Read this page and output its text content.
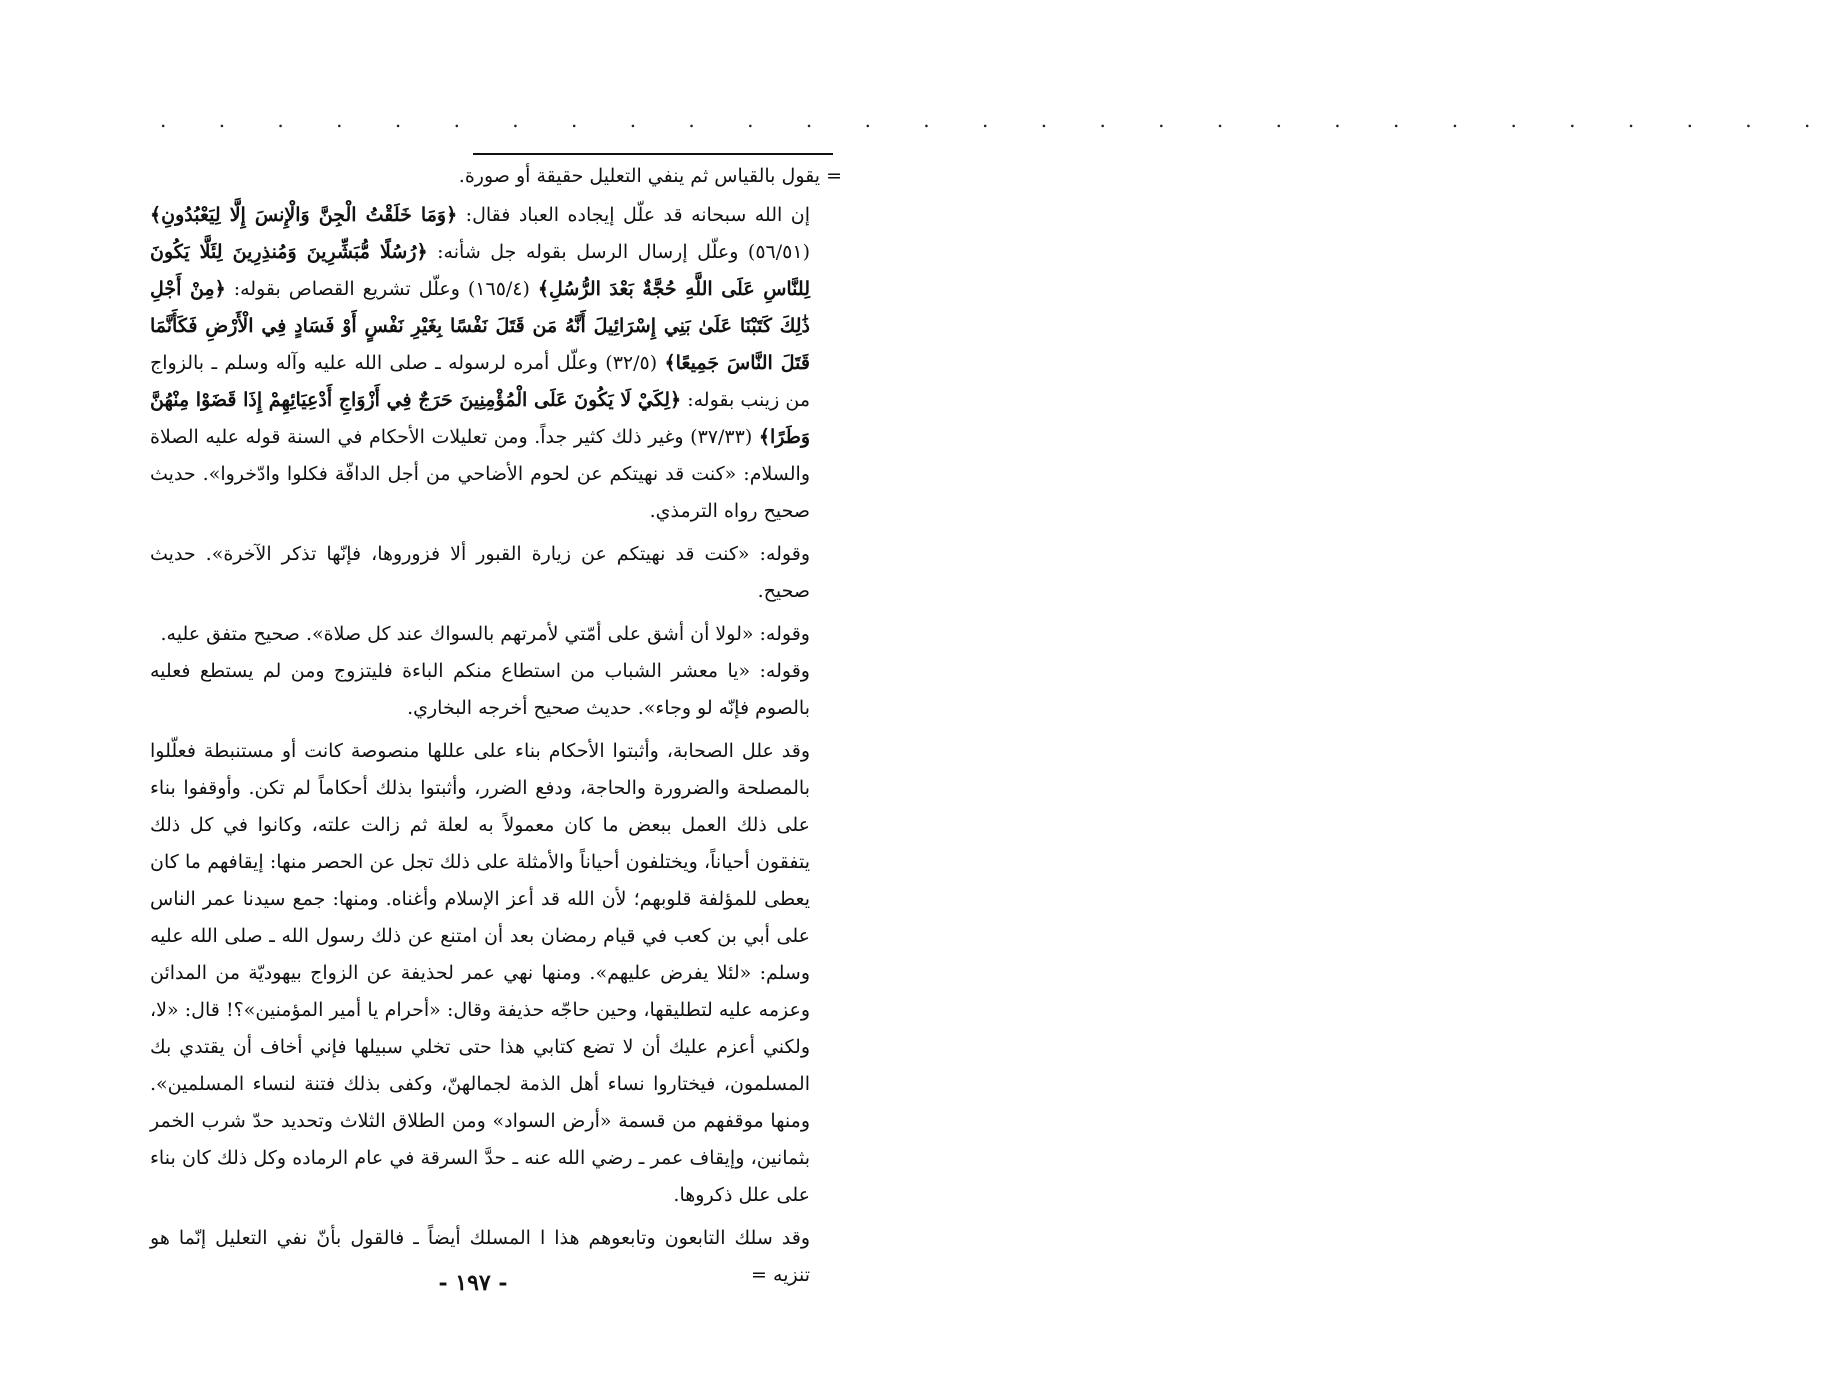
. . . . . . . . . . . . . . . . . . . . . . . . . . . . .

= يقول بالقياس ثم ينفي التعليل حقيقة أو صورة.

إن الله سبحانه قد علّل إيجاده العباد فقال: ﴿وَمَا خَلَقْتُ الْجِنَّ وَالْإِنسَ إِلَّا لِيَعْبُدُونِ﴾ (٥٦/٥١) وعلّل إرسال الرسل بقوله جل شأنه: ﴿رُسُلًا مُّبَشِّرِينَ وَمُنذِرِينَ لِئَلَّا يَكُونَ لِلنَّاسِ عَلَى اللَّهِ حُجَّةٌ بَعْدَ الرُّسُلِ﴾ (١٦٥/٤) وعلّل تشريع القصاص بقوله: ﴿مِنْ أَجْلِ ذَٰلِكَ كَتَبْنَا عَلَىٰ بَنِي إِسْرَائِيلَ أَنَّهُ مَن قَتَلَ نَفْسًا بِغَيْرِ نَفْسٍ أَوْ فَسَادٍ فِي الْأَرْضِ فَكَأَنَّمَا قَتَلَ النَّاسَ جَمِيعًا﴾ (٣٢/٥) وعلّل أمره لرسوله ـ صلى الله عليه وآله وسلم ـ بالزواج من زينب بقوله: ﴿لِكَيْ لَا يَكُونَ عَلَى الْمُؤْمِنِينَ حَرَجٌ فِي أَزْوَاجِ أَدْعِيَائِهِمْ إِذَا قَضَوْا مِنْهُنَّ وَطَرًا﴾ (٣٧/٣٣) وغير ذلك كثير جداً. ومن تعليلات الأحكام في السنة قوله عليه الصلاة والسلام: «كنت قد نهيتكم عن لحوم الأضاحي من أجل الدافّة فكلوا وادّخروا». حديث صحيح رواه الترمذي.

وقوله: «كنت قد نهيتكم عن زيارة القبور ألا فزوروها، فإنّها تذكر الآخرة». حديث صحيح.

وقوله: «لولا أن أشق على أمّتي لأمرتهم بالسواك عند كل صلاة». صحيح متفق عليه.

وقوله: «يا معشر الشباب من استطاع منكم الباءة فليتزوج ومن لم يستطع فعليه بالصوم فإنّه لو وجاء». حديث صحيح أخرجه البخاري.

وقد علل الصحابة، وأثبتوا الأحكام بناء على عللها منصوصة كانت أو مستنبطة فعلّلوا بالمصلحة والضرورة والحاجة، ودفع الضرر، وأثبتوا بذلك أحكاماً لم تكن. وأوقفوا بناء على ذلك العمل ببعض ما كان معمولاً به لعلة ثم زالت علته، وكانوا في كل ذلك يتفقون أحياناً، ويختلفون أحياناً والأمثلة على ذلك تجل عن الحصر منها: إيقافهم ما كان يعطى للمؤلفة قلوبهم؛ لأن الله قد أعز الإسلام وأغناه. ومنها: جمع سيدنا عمر الناس على أبي بن كعب في قيام رمضان بعد أن امتنع عن ذلك رسول الله ـ صلى الله عليه وسلم: «لئلا يفرض عليهم». ومنها نهي عمر لحذيفة عن الزواج بيهوديّة من المدائن وعزمه عليه لتطليقها، وحين حاجّه حذيفة وقال: «أحرام يا أمير المؤمنين»؟! قال: «لا، ولكني أعزم عليك أن لا تضع كتابي هذا حتى تخلي سبيلها فإني أخاف أن يقتدي بك المسلمون، فيختاروا نساء أهل الذمة لجمالهنّ، وكفى بذلك فتنة لنساء المسلمين». ومنها موقفهم من قسمة «أرض السواد» ومن الطلاق الثلاث وتحديد حدّ شرب الخمر بثمانين، وإيقاف عمر ـ رضي الله عنه ـ حدَّ السرقة في عام الرماده وكل ذلك كان بناء على علل ذكروها.

وقد سلك التابعون وتابعوهم هذا ا المسلك أيضاً ـ فالقول بأنّ نفي التعليل إنّما هو تنزيه =

- ١٩٧ -
